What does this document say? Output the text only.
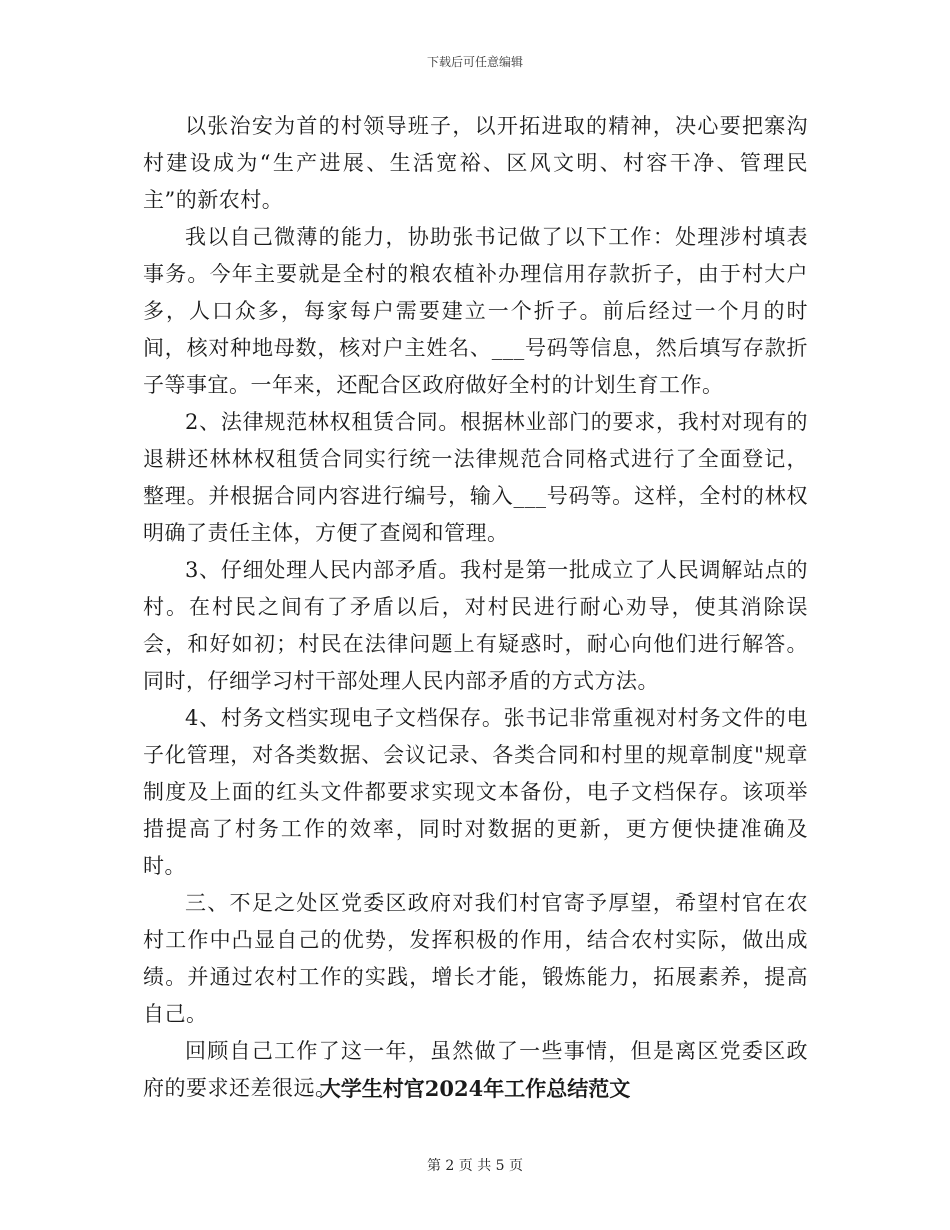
下载后可任意编辑

以张治安为首的村领导班子，以开拓进取的精神，决心要把寨沟村建设成为“生产进展、生活宽裕、区风文明、村容干净、管理民主”的新农村。

我以自己微薄的能力，协助张书记做了以下工作：处理涉村填表事务。今年主要就是全村的粮农植补办理信用存款折子，由于村大户多，人口众多，每家每户需要建立一个折子。前后经过一个月的时间，核对种地母数，核对户主姓名、___号码等信息，然后填写存款折子等事宜。一年来，还配合区政府做好全村的计划生育工作。

2、法律规范林权租赁合同。根据林业部门的要求，我村对现有的退耕还林林权租赁合同实行统一法律规范合同格式进行了全面登记，整理。并根据合同内容进行编号，输入___号码等。这样，全村的林权明确了责任主体，方便了查阅和管理。

3、仔细处理人民内部矛盾。我村是第一批成立了人民调解站点的村。在村民之间有了矛盾以后，对村民进行耐心劝导，使其消除误会，和好如初；村民在法律问题上有疑惑时，耐心向他们进行解答。同时，仔细学习村干部处理人民内部矛盾的方式方法。

4、村务文档实现电子文档保存。张书记非常重视对村务文件的电子化管理，对各类数据、会议记录、各类合同和村里的规章制度"规章制度及上面的红头文件都要求实现文本备份，电子文档保存。该项举措提高了村务工作的效率，同时对数据的更新，更方便快捷准确及时。

三、不足之处区党委区政府对我们村官寄予厚望，希望村官在农村工作中凸显自己的优势，发挥积极的作用，结合农村实际，做出成绩。并通过农村工作的实践，增长才能，锻炼能力，拓展素养，提高自己。

回顾自己工作了这一年，虽然做了一些事情，但是离区党委区政府的要求还差很远。

大学生村官2024年工作总结范文
第 2 页 共 5 页
